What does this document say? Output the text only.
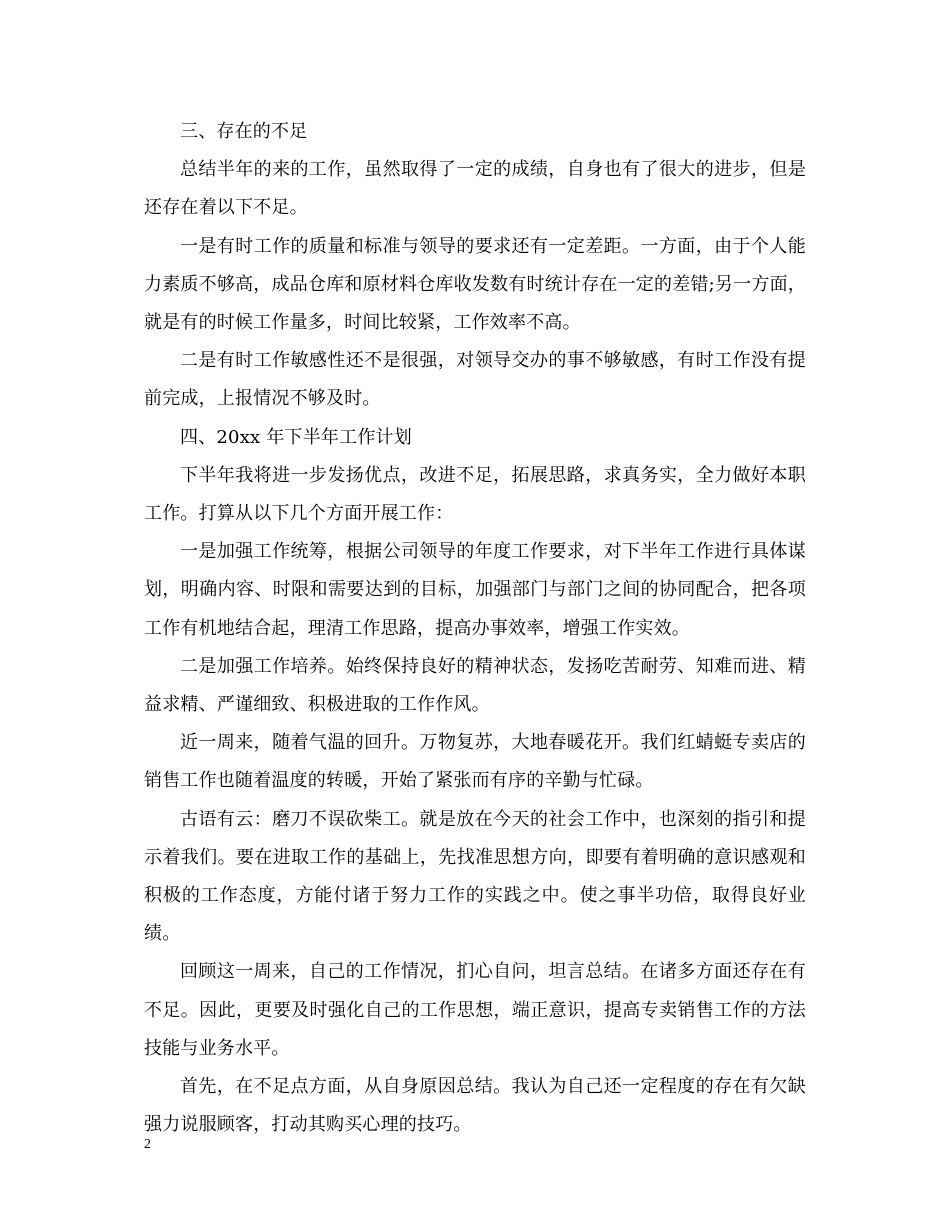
三、存在的不足

总结半年的来的工作，虽然取得了一定的成绩，自身也有了很大的进步，但是还存在着以下不足。

一是有时工作的质量和标准与领导的要求还有一定差距。一方面，由于个人能力素质不够高，成品仓库和原材料仓库收发数有时统计存在一定的差错;另一方面，就是有的时候工作量多，时间比较紧，工作效率不高。

二是有时工作敏感性还不是很强，对领导交办的事不够敏感，有时工作没有提前完成，上报情况不够及时。

四、20xx 年下半年工作计划

下半年我将进一步发扬优点，改进不足，拓展思路，求真务实，全力做好本职工作。打算从以下几个方面开展工作：

一是加强工作统筹，根据公司领导的年度工作要求，对下半年工作进行具体谋划，明确内容、时限和需要达到的目标，加强部门与部门之间的协同配合，把各项工作有机地结合起，理清工作思路，提高办事效率，增强工作实效。

二是加强工作培养。始终保持良好的精神状态，发扬吃苦耐劳、知难而进、精益求精、严谨细致、积极进取的工作作风。

近一周来，随着气温的回升。万物复苏，大地春暖花开。我们红蜻蜓专卖店的销售工作也随着温度的转暖，开始了紧张而有序的辛勤与忙碌。

古语有云：磨刀不误砍柴工。就是放在今天的社会工作中，也深刻的指引和提示着我们。要在进取工作的基础上，先找准思想方向，即要有着明确的意识感观和积极的工作态度，方能付诸于努力工作的实践之中。使之事半功倍，取得良好业绩。

回顾这一周来，自己的工作情况，扪心自问，坦言总结。在诸多方面还存在有不足。因此，更要及时强化自己的工作思想，端正意识，提高专卖销售工作的方法技能与业务水平。

首先，在不足点方面，从自身原因总结。我认为自己还一定程度的存在有欠缺强力说服顾客，打动其购买心理的技巧。

2
